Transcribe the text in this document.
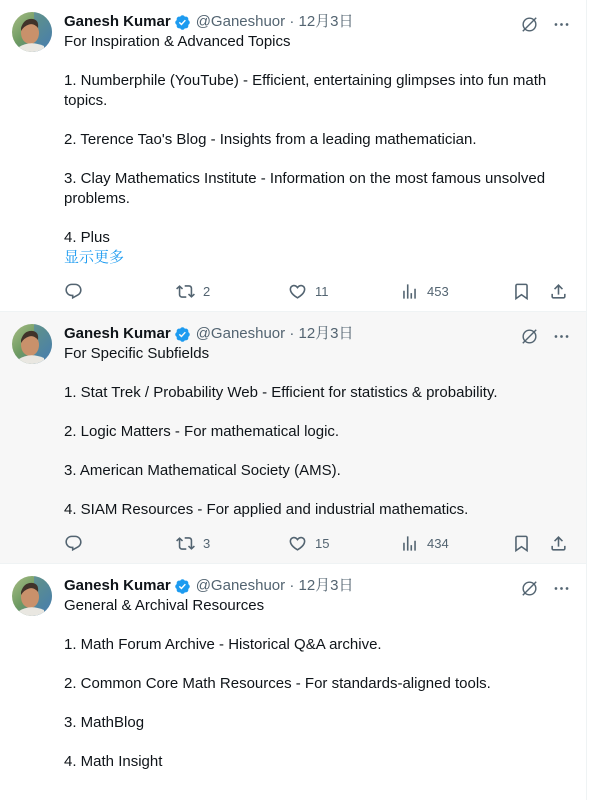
Ganesh Kumar @Ganeshuor · 12月3日

For Inspiration & Advanced Topics

1. Numberphile (YouTube) - Efficient, entertaining glimpses into fun math topics.

2. Terence Tao's Blog - Insights from a leading mathematician.

3. Clay Mathematics Institute - Information on the most famous unsolved problems.

4. Plus

显示更多
2	11	453
Ganesh Kumar @Ganeshuor · 12月3日

For Specific Subfields

1. Stat Trek / Probability Web - Efficient for statistics & probability.

2. Logic Matters - For mathematical logic.

3. American Mathematical Society (AMS).

4. SIAM Resources - For applied and industrial mathematics.

3	15	434
Ganesh Kumar @Ganeshuor · 12月3日

General & Archival Resources

1. Math Forum Archive - Historical Q&A archive.

2. Common Core Math Resources - For standards-aligned tools.

3. MathBlog

4. Math Insight
